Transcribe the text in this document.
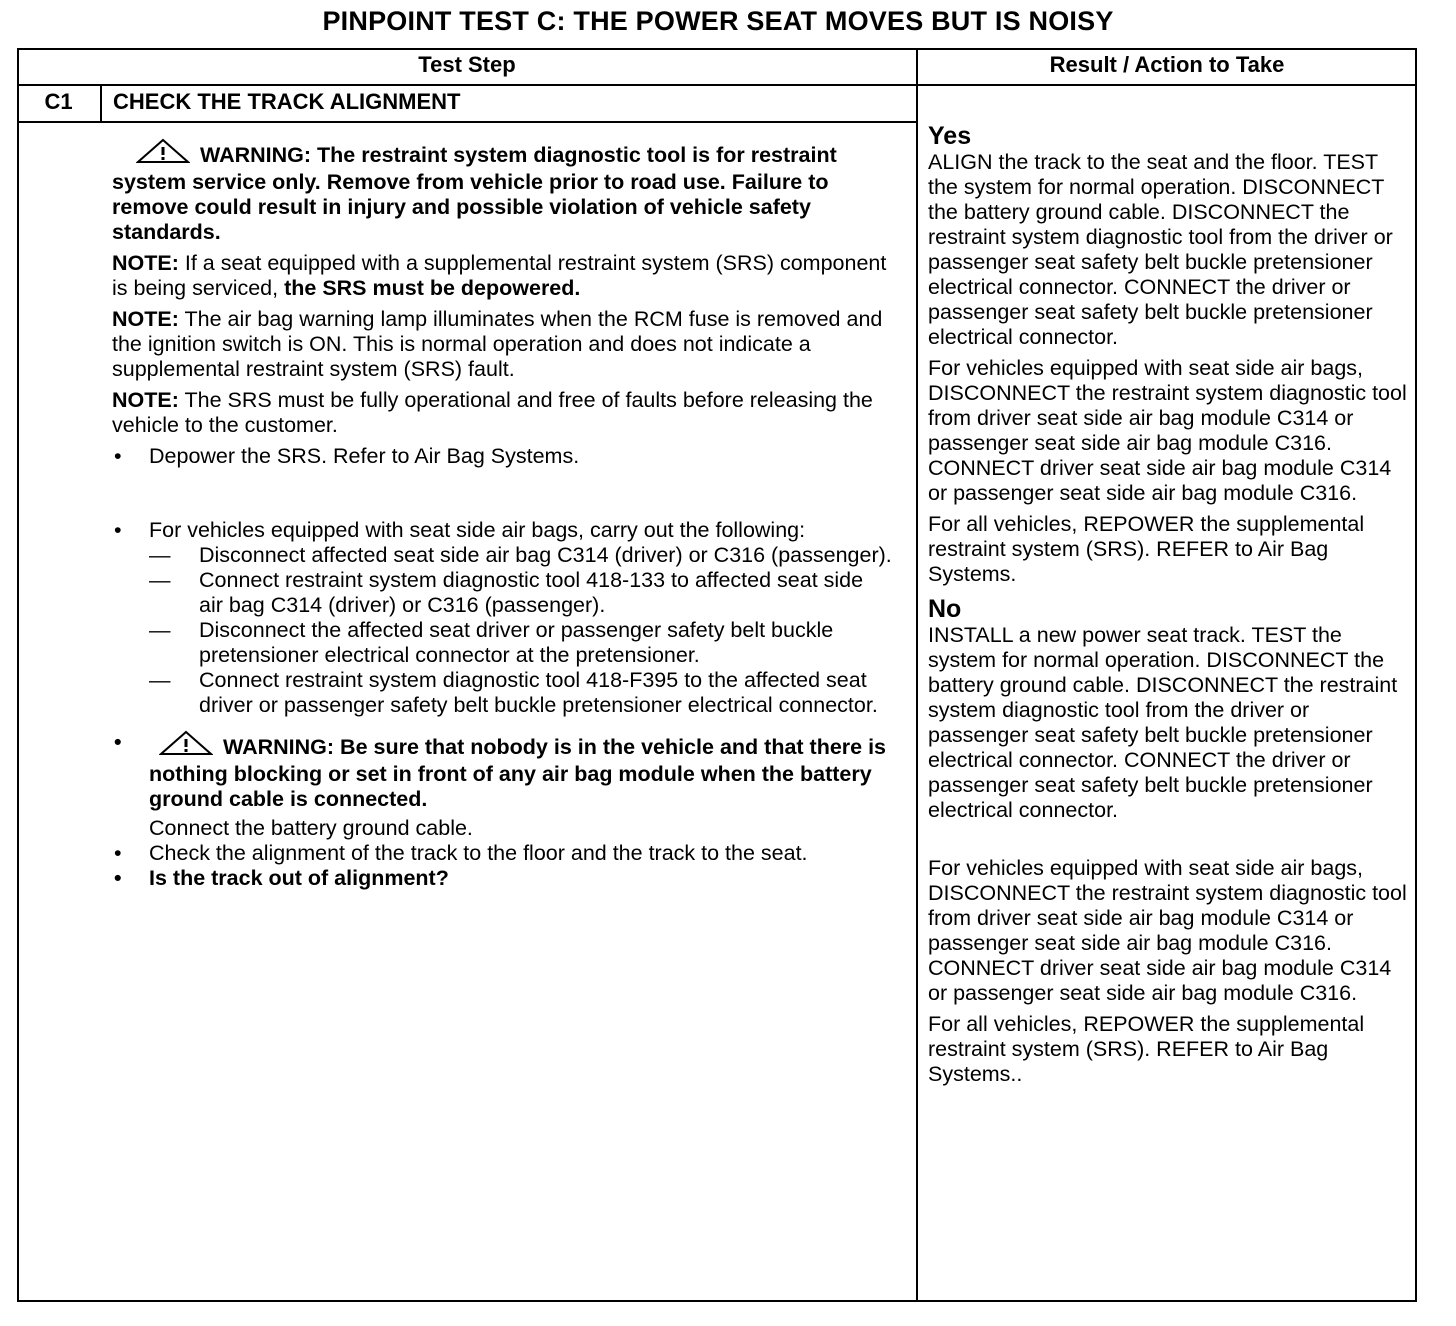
PINPOINT TEST C: THE POWER SEAT MOVES BUT IS NOISY
Test Step	Result / Action to Take
C1	CHECK THE TRACK ALIGNMENT

WARNING: The restraint system diagnostic tool is for restraint system service only. Remove from vehicle prior to road use. Failure to remove could result in injury and possible violation of vehicle safety standards.

NOTE: If a seat equipped with a supplemental restraint system (SRS) component is being serviced, the SRS must be depowered.

NOTE: The air bag warning lamp illuminates when the RCM fuse is removed and the ignition switch is ON. This is normal operation and does not indicate a supplemental restraint system (SRS) fault.

NOTE: The SRS must be fully operational and free of faults before releasing the vehicle to the customer.

• Depower the SRS. Refer to Air Bag Systems.

• For vehicles equipped with seat side air bags, carry out the following:

— Disconnect affected seat side air bag C314 (driver) or C316 (passenger).

— Connect restraint system diagnostic tool 418-133 to affected seat side air bag C314 (driver) or C316 (passenger).

— Disconnect the affected seat driver or passenger safety belt buckle pretensioner electrical connector at the pretensioner.

— Connect restraint system diagnostic tool 418-F395 to the affected seat driver or passenger safety belt buckle pretensioner electrical connector.

• WARNING: Be sure that nobody is in the vehicle and that there is nothing blocking or set in front of any air bag module when the battery ground cable is connected.

Connect the battery ground cable.

• Check the alignment of the track to the floor and the track to the seat.

• Is the track out of alignment?

Yes

ALIGN the track to the seat and the floor. TEST the system for normal operation. DISCONNECT the battery ground cable. DISCONNECT the restraint system diagnostic tool from the driver or passenger seat safety belt buckle pretensioner electrical connector. CONNECT the driver or passenger seat safety belt buckle pretensioner electrical connector.

For vehicles equipped with seat side air bags, DISCONNECT the restraint system diagnostic tool from driver seat side air bag module C314 or passenger seat side air bag module C316. CONNECT driver seat side air bag module C314 or passenger seat side air bag module C316.

For all vehicles, REPOWER the supplemental restraint system (SRS). REFER to Air Bag Systems.

No

INSTALL a new power seat track. TEST the system for normal operation. DISCONNECT the battery ground cable. DISCONNECT the restraint system diagnostic tool from the driver or passenger seat safety belt buckle pretensioner electrical connector. CONNECT the driver or passenger seat safety belt buckle pretensioner electrical connector.

For vehicles equipped with seat side air bags, DISCONNECT the restraint system diagnostic tool from driver seat side air bag module C314 or passenger seat side air bag module C316. CONNECT driver seat side air bag module C314 or passenger seat side air bag module C316.

For all vehicles, REPOWER the supplemental restraint system (SRS). REFER to Air Bag Systems..
